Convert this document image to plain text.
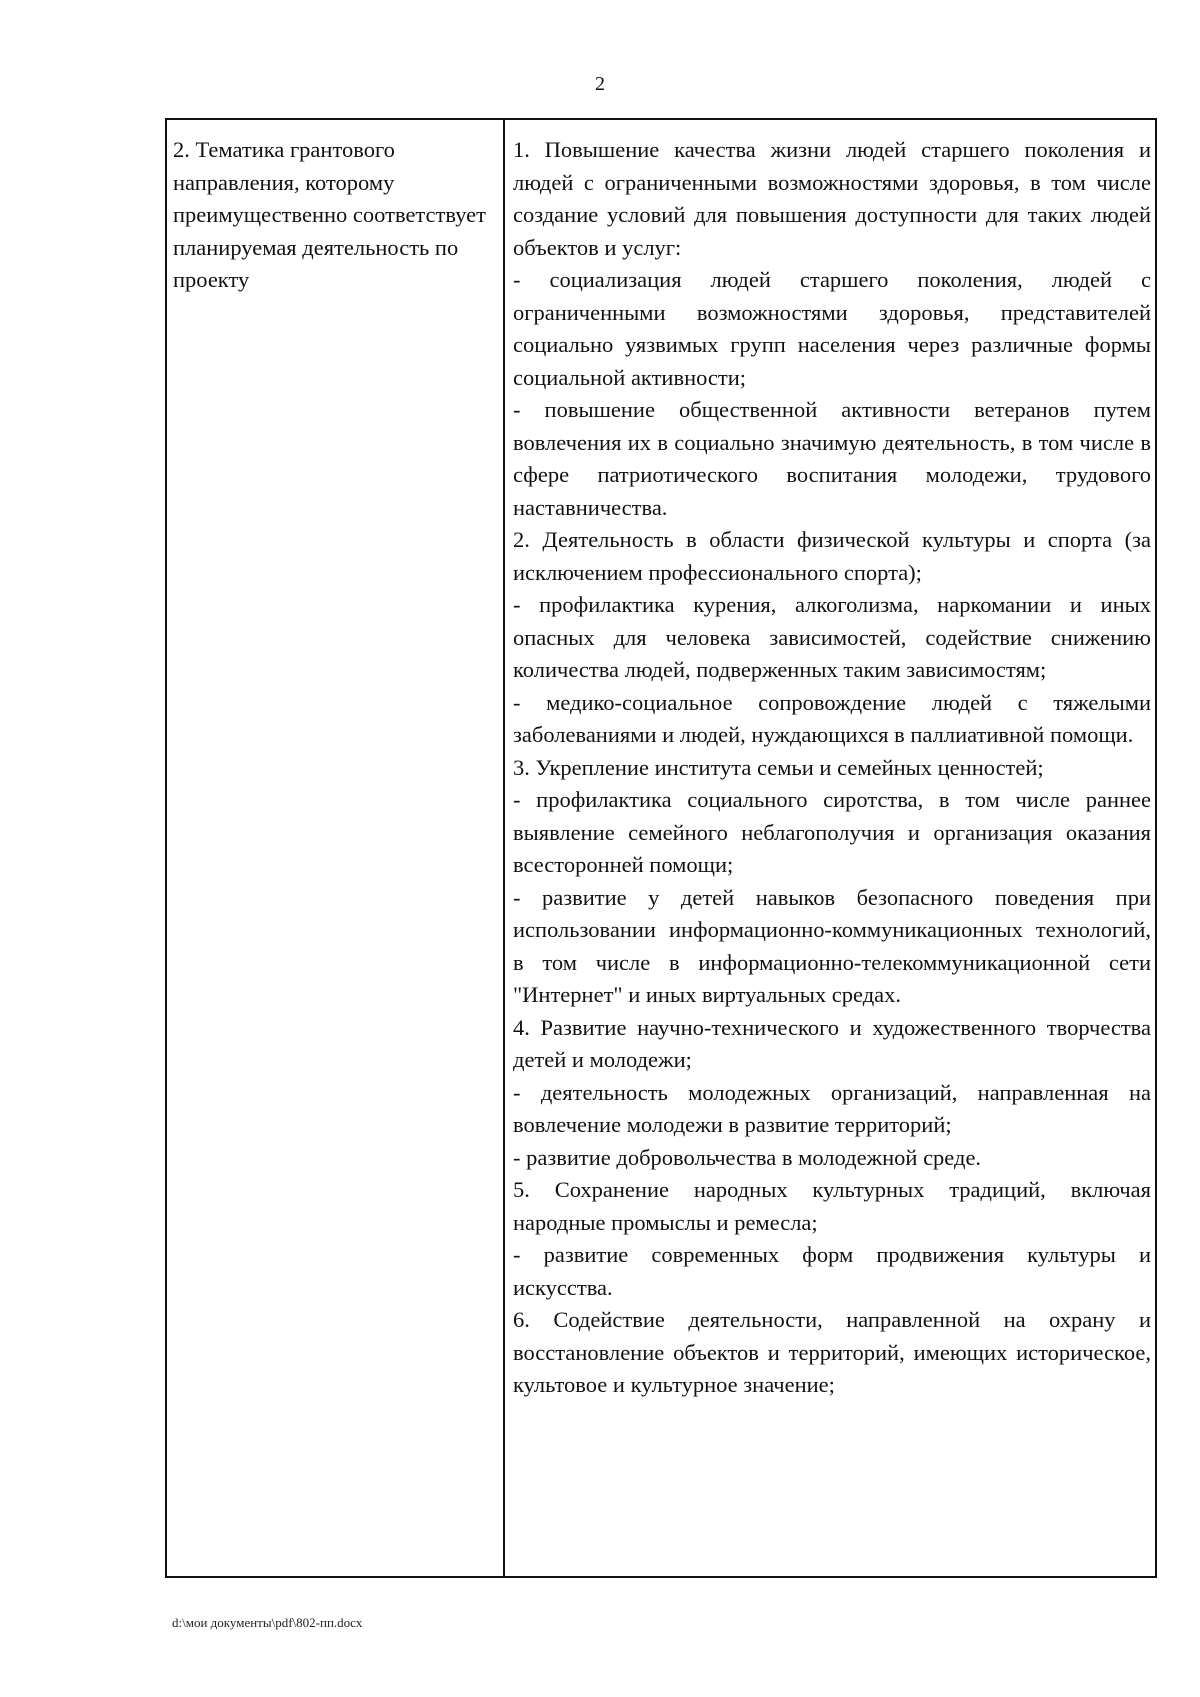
2

2. Тематика грантового направления, которому преимущественно соответствует планируемая деятельность по проекту

1. Повышение качества жизни людей старшего поколения и людей с ограниченными возможностями здоровья, в том числе создание условий для повышения доступности для таких людей объектов и услуг:

- социализация людей старшего поколения, людей с ограниченными возможностями здоровья, представителей социально уязвимых групп населения через различные формы социальной активности;

- повышение общественной активности ветеранов путем вовлечения их в социально значимую деятельность, в том числе в сфере патриотического воспитания молодежи, трудового наставничества.

2. Деятельность в области физической культуры и спорта (за исключением профессионального спорта);

- профилактика курения, алкоголизма, наркомании и иных опасных для человека зависимостей, содействие снижению количества людей, подверженных таким зависимостям;

- медико-социальное сопровождение людей с тяжелыми заболеваниями и людей, нуждающихся в паллиативной помощи.

3. Укрепление института семьи и семейных ценностей;

- профилактика социального сиротства, в том числе раннее выявление семейного неблагополучия и организация оказания всесторонней помощи;

- развитие у детей навыков безопасного поведения при использовании информационно-коммуникационных технологий, в том числе в информационно-телекоммуникационной сети "Интернет" и иных виртуальных средах.

4. Развитие научно-технического и художественного творчества детей и молодежи;

- деятельность молодежных организаций, направленная на вовлечение молодежи в развитие территорий;

- развитие добровольчества в молодежной среде.

5. Сохранение народных культурных традиций, включая народные промыслы и ремесла;

- развитие современных форм продвижения культуры и искусства.

6. Содействие деятельности, направленной на охрану и восстановление объектов и территорий, имеющих историческое, культовое и культурное значение;

d:\мои документы\pdf\802-пп.docx
